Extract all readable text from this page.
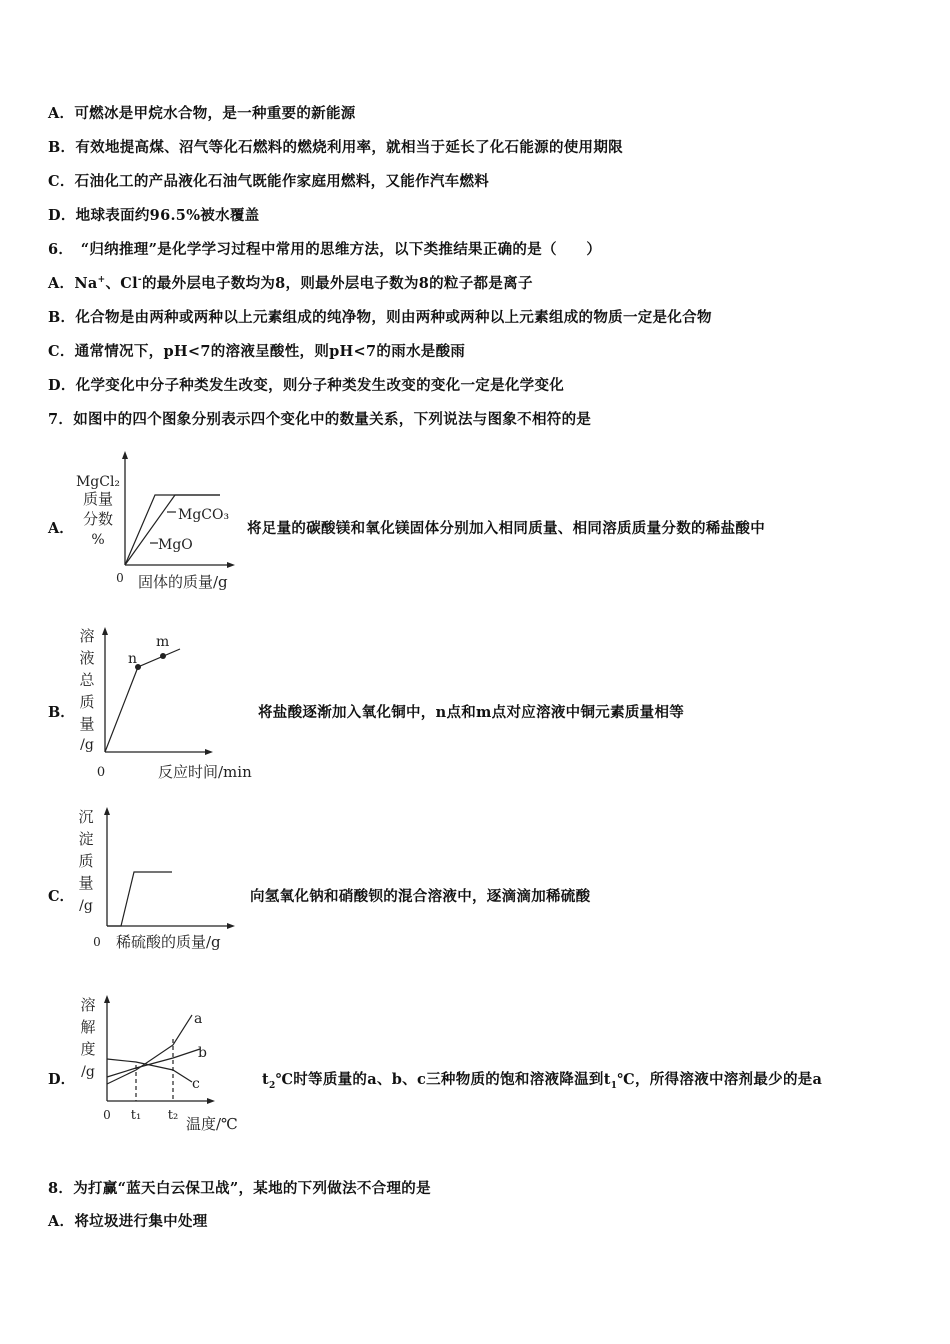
A．可燃冰是甲烷水合物，是一种重要的新能源
B．有效地提高煤、沼气等化石燃料的燃烧利用率，就相当于延长了化石能源的使用期限
C．石油化工的产品液化石油气既能作家庭用燃料，又能作汽车燃料
D．地球表面约96.5%被水覆盖
6．　“归纳推理”是化学学习过程中常用的思维方法，以下类推结果正确的是（　　）
A．Na+、Cl-的最外层电子数均为8，则最外层电子数为8的粒子都是离子
B．化合物是由两种或两种以上元素组成的纯净物，则由两种或两种以上元素组成的物质一定是化合物
C．通常情况下，pH<7的溶液呈酸性，则pH<7的雨水是酸雨
D．化学变化中分子种类发生改变，则分子种类发生改变的变化一定是化学变化
7．如图中的四个图象分别表示四个变化中的数量关系，下列说法与图象不相符的是
A．
MgCl₂
质量
分数
%
0 固体的质量/g
MgCO₃
MgO
将足量的碳酸镁和氧化镁固体分别加入相同质量、相同溶质质量分数的稀盐酸中
B．
溶
液
总
质
量
/g
0	反应时间/min
n
m
将盐酸逐渐加入氧化铜中，n点和m点对应溶液中铜元素质量相等
C．
沉
淀
质
量
/g
0 稀硫酸的质量/g
向氢氧化钠和硝酸钡的混合溶液中，逐滴滴加稀硫酸
D．
溶
解
度
/g
a
b
c
0 t₁ t₂ 温度/℃
$t_2℃$时等质量的a、b、c三种物质的饱和溶液降温到$t_1℃$，所得溶液中溶剂最少的是a
8．为打赢“蓝天白云保卫战”，某地的下列做法不合理的是
A．将垃圾进行集中处理
